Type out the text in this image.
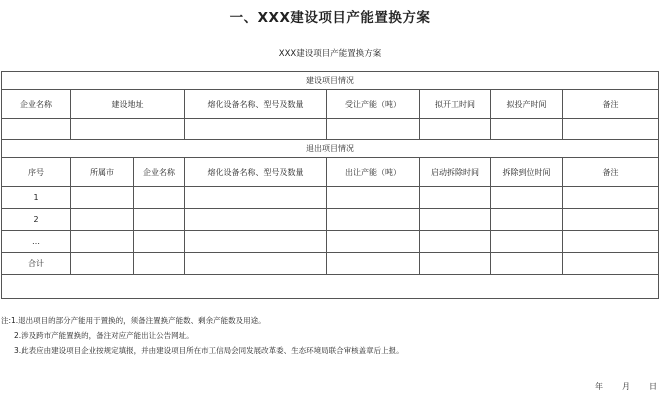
一、XXX建设项目产能置换方案
XXX建设项目产能置换方案
建设项目情况							
企业名称	建设地址		熔化设备名称、型号及数量	受让产能（吨）	拟开工时间	拟投产时间	备注

退出项目情况							
序号	所属市	企业名称	熔化设备名称、型号及数量	出让产能（吨）	启动拆除时间	拆除到位时间	备注
1							
2							
…							
合计							

注:1.退出项目的部分产能用于置换的，须备注置换产能数、剩余产能数及用途。
2.涉及跨市产能置换的，备注对应产能出让公告网址。
3.此表应由建设项目企业按规定填报，并由建设项目所在市工信局会同发展改革委、生态环境局联合审核盖章后上报。
年 月 日
